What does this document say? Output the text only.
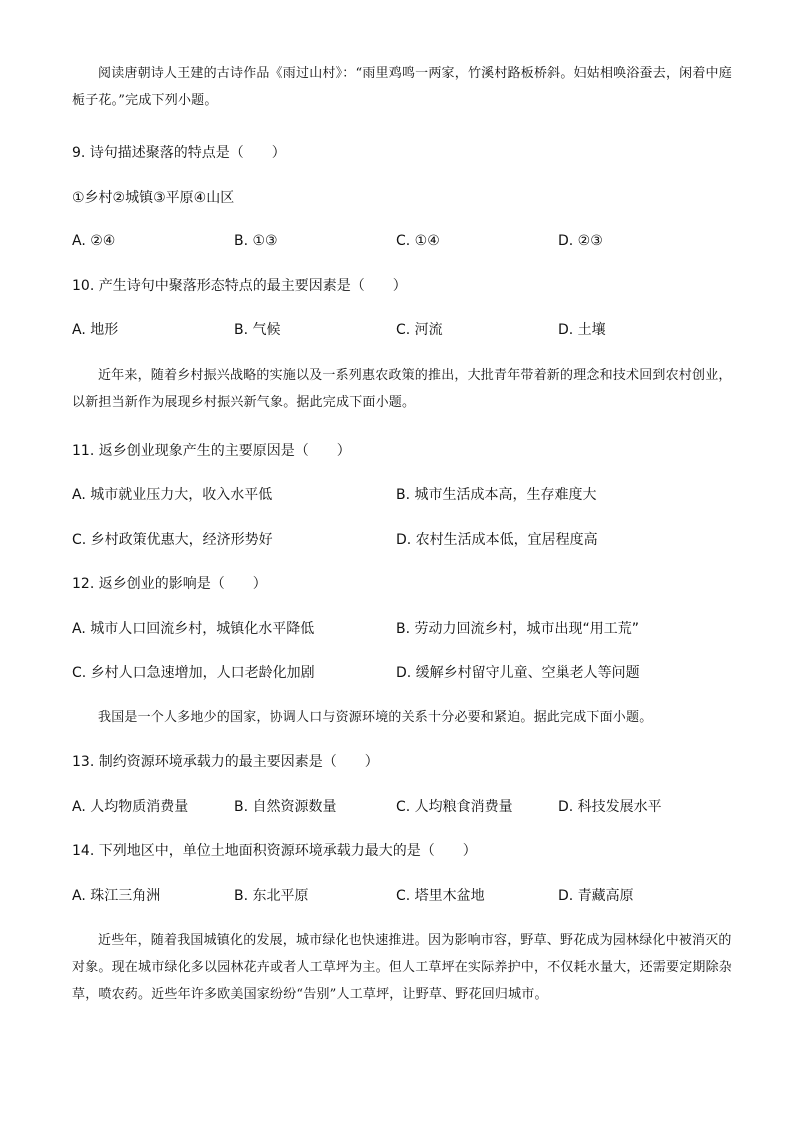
阅读唐朝诗人王建的古诗作品《雨过山村》：“雨里鸡鸣一两家，竹溪村路板桥斜。妇姑相唤浴蚕去，闲着中庭栀子花。”完成下列小题。

9. 诗句描述聚落的特点是（　　）

①乡村②城镇③平原④山区

A. ②④	B. ①③	C. ①④	D. ②③

10. 产生诗句中聚落形态特点的最主要因素是（　　）

A. 地形	B. 气候	C. 河流	D. 土壤

近年来，随着乡村振兴战略的实施以及一系列惠农政策的推出，大批青年带着新的理念和技术回到农村创业，以新担当新作为展现乡村振兴新气象。据此完成下面小题。

11. 返乡创业现象产生的主要原因是（　　）

A. 城市就业压力大，收入水平低	B. 城市生活成本高，生存难度大
C. 乡村政策优惠大，经济形势好	D. 农村生活成本低，宜居程度高

12. 返乡创业的影响是（　　）

A. 城市人口回流乡村，城镇化水平降低	B. 劳动力回流乡村，城市出现“用工荒”
C. 乡村人口急速增加，人口老龄化加剧	D. 缓解乡村留守儿童、空巢老人等问题

我国是一个人多地少的国家，协调人口与资源环境的关系十分必要和紧迫。据此完成下面小题。

13. 制约资源环境承载力的最主要因素是（　　）

A. 人均物质消费量	B. 自然资源数量	C. 人均粮食消费量	D. 科技发展水平

14. 下列地区中，单位土地面积资源环境承载力最大的是（　　）

A. 珠江三角洲	B. 东北平原	C. 塔里木盆地	D. 青藏高原

近些年，随着我国城镇化的发展，城市绿化也快速推进。因为影响市容，野草、野花成为园林绿化中被消灭的对象。现在城市绿化多以园林花卉或者人工草坪为主。但人工草坪在实际养护中，不仅耗水量大，还需要定期除杂草，喷农药。近些年许多欧美国家纷纷“告别”人工草坪，让野草、野花回归城市。
